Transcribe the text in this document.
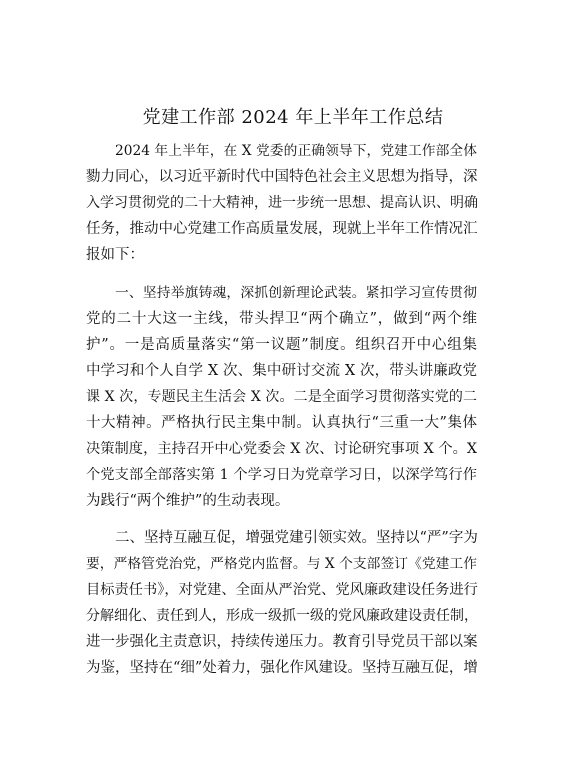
党建工作部 2024 年上半年工作总结
2024 年上半年，在 X 党委的正确领导下，党建工作部全体
勠力同心，以习近平新时代中国特色社会主义思想为指导，深
入学习贯彻党的二十大精神，进一步统一思想、提高认识、明确
任务，推动中心党建工作高质量发展，现就上半年工作情况汇
报如下：
一、坚持举旗铸魂，深抓创新理论武装。紧扣学习宣传贯彻
党的二十大这一主线，带头捍卫“两个确立”，做到“两个维
护”。一是高质量落实“第一议题”制度。组织召开中心组集
中学习和个人自学 X 次、集中研讨交流 X 次，带头讲廉政党
课 X 次，专题民主生活会 X 次。二是全面学习贯彻落实党的二
十大精神。严格执行民主集中制。认真执行“三重一大”集体
决策制度，主持召开中心党委会 X 次、讨论研究事项 X 个。X
个党支部全部落实第 1 个学习日为党章学习日，以深学笃行作
为践行“两个维护”的生动表现。
二、坚持互融互促，增强党建引领实效。坚持以“严”字为
要，严格管党治党，严格党内监督。与 X 个支部签订《党建工作
目标责任书》，对党建、全面从严治党、党风廉政建设任务进行
分解细化、责任到人，形成一级抓一级的党风廉政建设责任制，
进一步强化主责意识，持续传递压力。教育引导党员干部以案
为鉴，坚持在“细”处着力，强化作风建设。坚持互融互促，增
